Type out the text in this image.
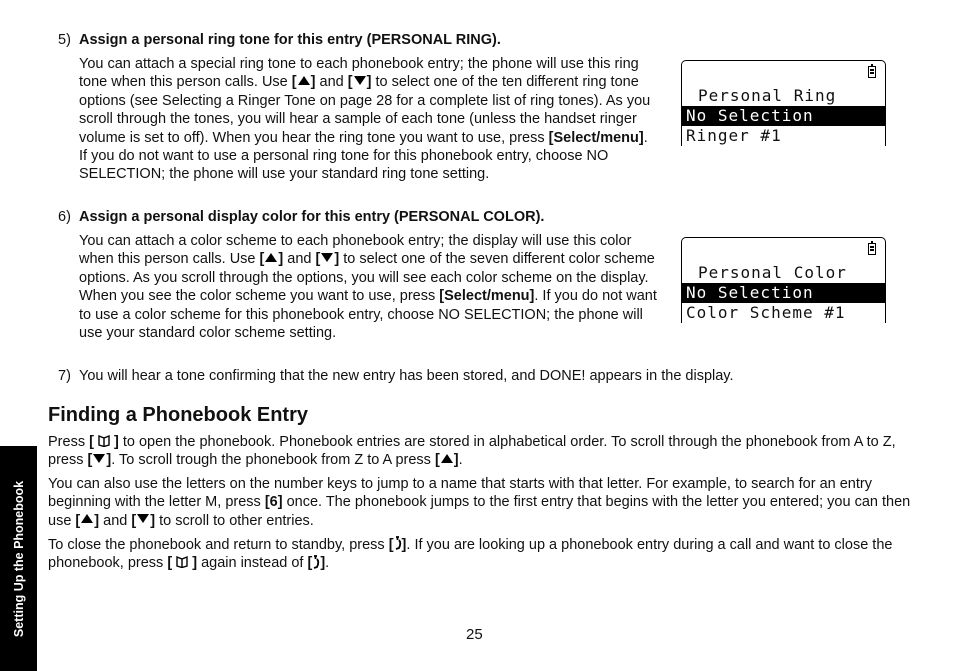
Setting Up the Phonebook
5) Assign a personal ring tone for this entry (PERSONAL RING).
You can attach a special ring tone to each phonebook entry; the phone will use this ring tone when this person calls. Use [ ] and [ ] to select one of the ten different ring tone options (see Selecting a Ringer Tone on page 28 for a complete list of ring tones). As you scroll through the tones, you will hear a sample of each tone (unless the handset ringer volume is set to off). When you hear the ring tone you want to use, press [Select/menu]. If you do not want to use a personal ring tone for this phonebook entry, choose NO SELECTION; the phone will use your standard ring tone setting.
Personal Ring
No Selection
Ringer #1
6) Assign a personal display color for this entry (PERSONAL COLOR).
You can attach a color scheme to each phonebook entry; the display will use this color when this person calls. Use [ ] and [ ] to select one of the seven different color scheme options. As you scroll through the options, you will see each color scheme on the display. When you see the color scheme you want to use, press [Select/menu]. If you do not want to use a color scheme for this phonebook entry, choose NO SELECTION; the phone will use your standard color scheme setting.
Personal Color
No Selection
Color Scheme #1
7) You will hear a tone confirming that the new entry has been stored, and DONE! appears in the display.
Finding a Phonebook Entry
Press [  ] to open the phonebook. Phonebook entries are stored in alphabetical order. To scroll through the phonebook from A to Z, press [ ]. To scroll trough the phonebook from Z to A press [ ].
You can also use the letters on the number keys to jump to a name that starts with that letter. For example, to search for an entry beginning with the letter M, press [6] once. The phonebook jumps to the first entry that begins with the letter you entered; you can then use [ ] and [ ] to scroll to other entries.
To close the phonebook and return to standby, press [ ]. If you are looking up a phonebook entry during a call and want to close the phonebook, press [  ] again instead of [ ].
25
